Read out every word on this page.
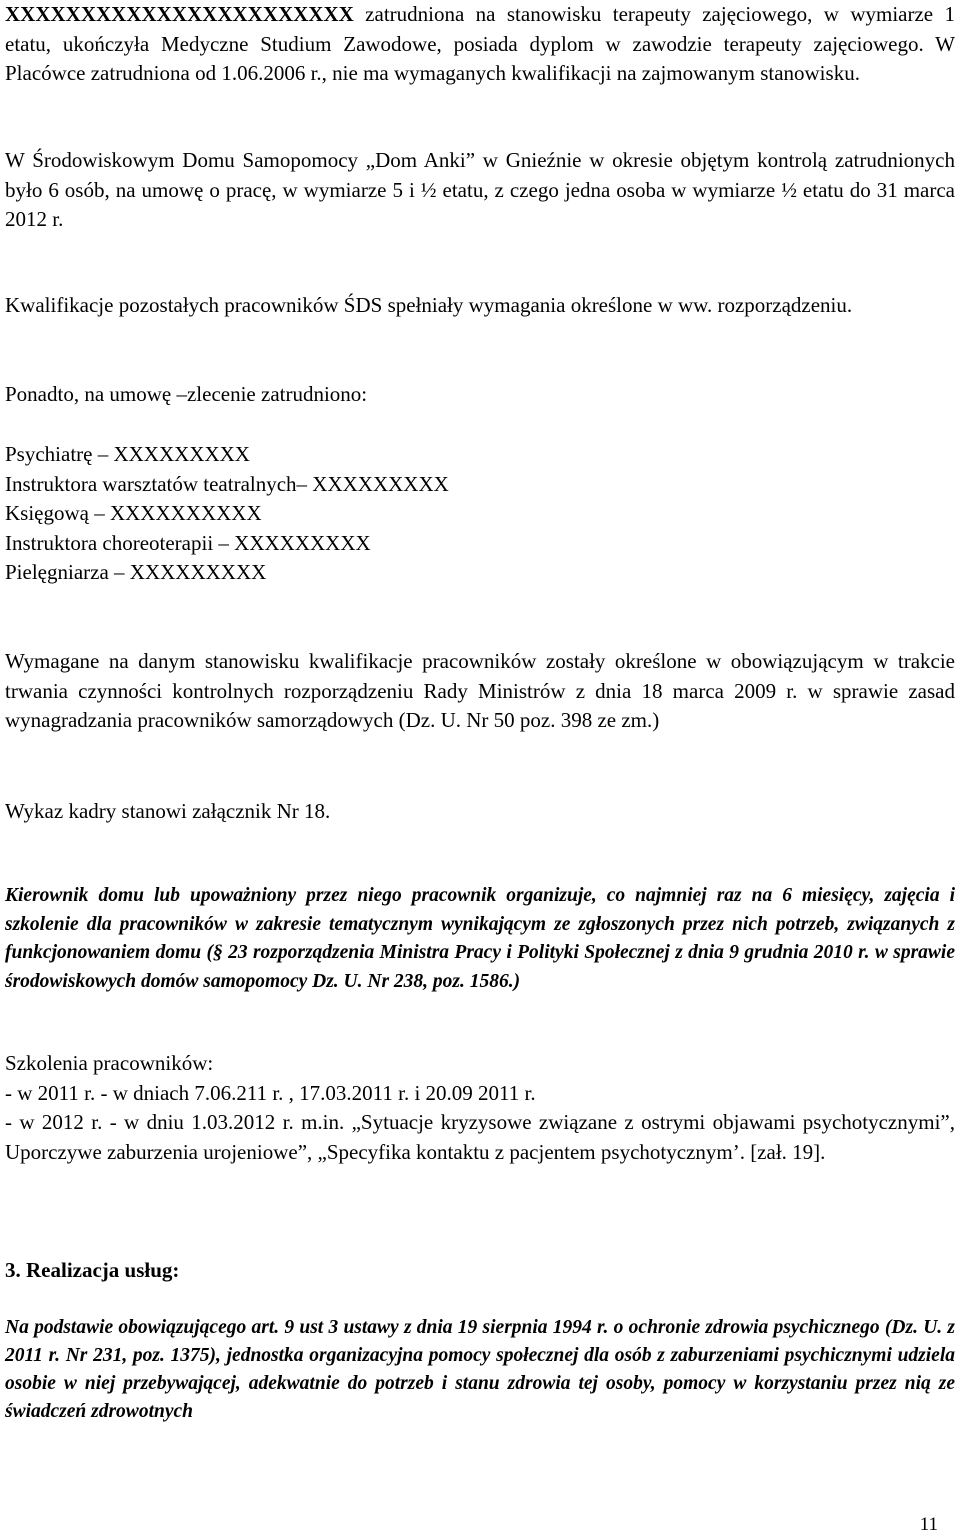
XXXXXXXXXXXXXXXXXXXXXXX zatrudniona na stanowisku terapeuty zajęciowego, w wymiarze 1 etatu, ukończyła Medyczne Studium Zawodowe, posiada dyplom w zawodzie terapeuty zajęciowego. W Placówce zatrudniona od 1.06.2006 r., nie ma wymaganych kwalifikacji na zajmowanym stanowisku.

W Środowiskowym Domu Samopomocy „Dom Anki” w Gnieźnie w okresie objętym kontrolą zatrudnionych było 6 osób, na umowę o pracę, w wymiarze 5 i ½ etatu, z czego jedna osoba w wymiarze ½ etatu do 31 marca 2012 r.

Kwalifikacje pozostałych pracowników ŚDS spełniały wymagania określone w ww. rozporządzeniu.

Ponadto, na umowę –zlecenie zatrudniono:

Psychiatrę – XXXXXXXXX
Instruktora warsztatów teatralnych– XXXXXXXXX
Księgową – XXXXXXXXXX
Instruktora choreoterapii – XXXXXXXXX
Pielęgniarza – XXXXXXXXX

Wymagane na danym stanowisku kwalifikacje pracowników zostały określone w obowiązującym w trakcie trwania czynności kontrolnych rozporządzeniu Rady Ministrów z dnia 18 marca 2009 r. w sprawie zasad wynagradzania pracowników samorządowych (Dz. U. Nr 50 poz. 398 ze zm.)

Wykaz kadry stanowi załącznik Nr 18.

Kierownik domu lub upoważniony przez niego pracownik organizuje, co najmniej raz na 6 miesięcy, zajęcia i szkolenie dla pracowników w zakresie tematycznym wynikającym ze zgłoszonych przez nich potrzeb, związanych z funkcjonowaniem domu (§ 23 rozporządzenia Ministra Pracy i Polityki Społecznej z dnia 9 grudnia 2010 r. w sprawie środowiskowych domów samopomocy Dz. U. Nr 238, poz. 1586.)

Szkolenia pracowników:
- w 2011 r. - w dniach 7.06.211 r. , 17.03.2011 r. i 20.09 2011 r.
- w 2012 r. - w dniu 1.03.2012 r. m.in. „Sytuacje kryzysowe związane z ostrymi objawami psychotycznymi”, Uporczywe zaburzenia urojeniowe”, „Specyfika kontaktu z pacjentem psychotycznym’. [zał. 19].

3. Realizacja usług:

Na podstawie obowiązującego art. 9 ust 3 ustawy z dnia 19 sierpnia 1994 r. o ochronie zdrowia psychicznego (Dz. U. z 2011 r. Nr 231, poz. 1375), jednostka organizacyjna pomocy społecznej dla osób z zaburzeniami psychicznymi udziela osobie w niej przebywającej, adekwatnie do potrzeb i stanu zdrowia tej osoby, pomocy w korzystaniu przez nią ze świadczeń zdrowotnych

11
